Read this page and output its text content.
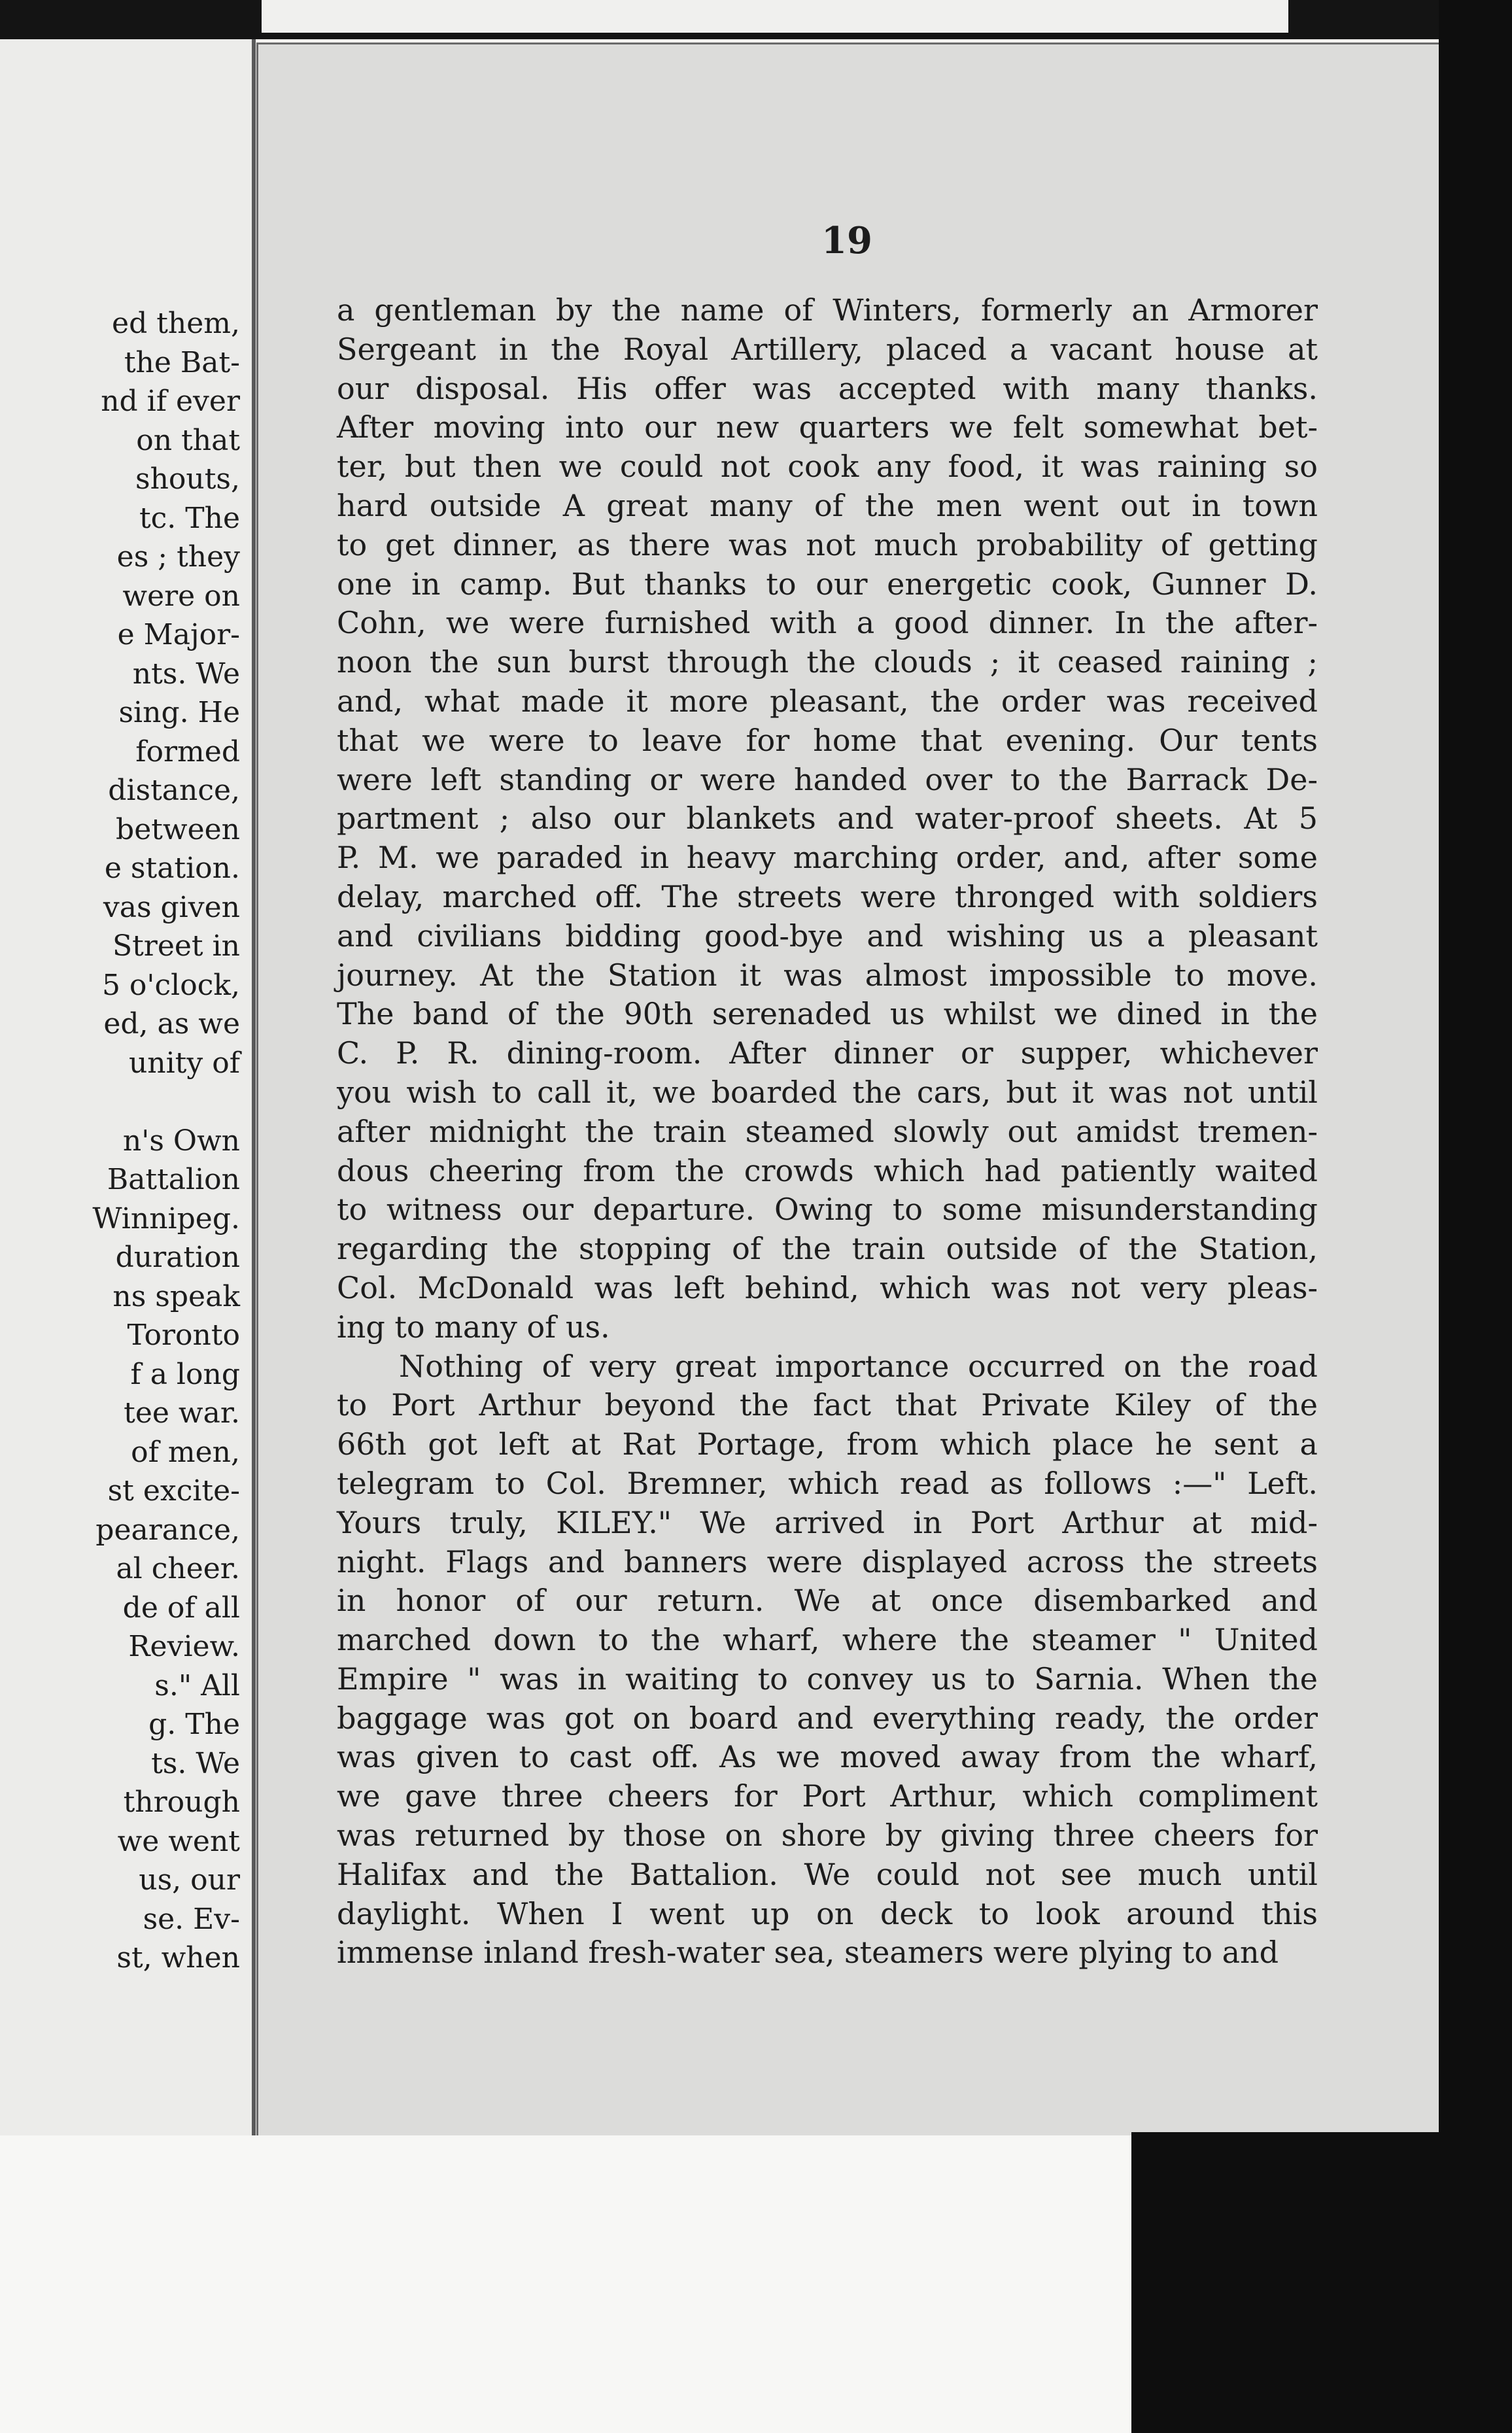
ed them,
the Bat-
nd if ever
on that
shouts,
tc. The
es ; they
were on
e Major-
nts. We
sing. He
formed
distance,
between
e station.
vas given
Street in
5 o'clock,
ed, as we
unity of
n's Own
Battalion
Winnipeg.
duration
ns speak
Toronto
f a long
tee war.
of men,
st excite-
pearance,
al cheer.
de of all
Review.
s." All
g. The
ts. We
through
we went
us, our
se. Ev-
st, when
19
a gentleman by the name of Winters, formerly an Armorer
Sergeant in the Royal Artillery, placed a vacant house at
our disposal. His offer was accepted with many thanks.
After moving into our new quarters we felt somewhat bet-
ter, but then we could not cook any food, it was raining so
hard outside A great many of the men went out in town
to get dinner, as there was not much probability of getting
one in camp. But thanks to our energetic cook, Gunner D.
Cohn, we were furnished with a good dinner. In the after-
noon the sun burst through the clouds ; it ceased raining ;
and, what made it more pleasant, the order was received
that we were to leave for home that evening. Our tents
were left standing or were handed over to the Barrack De-
partment ; also our blankets and water-proof sheets. At 5
P. M. we paraded in heavy marching order, and, after some
delay, marched off. The streets were thronged with soldiers
and civilians bidding good-bye and wishing us a pleasant
journey. At the Station it was almost impossible to move.
The band of the 90th serenaded us whilst we dined in the
C. P. R. dining-room. After dinner or supper, whichever
you wish to call it, we boarded the cars, but it was not until
after midnight the train steamed slowly out amidst tremen-
dous cheering from the crowds which had patiently waited
to witness our departure. Owing to some misunderstanding
regarding the stopping of the train outside of the Station,
Col. McDonald was left behind, which was not very pleas-
ing to many of us.
Nothing of very great importance occurred on the road
to Port Arthur beyond the fact that Private Kiley of the
66th got left at Rat Portage, from which place he sent a
telegram to Col. Bremner, which read as follows :—" Left.
Yours truly, KILEY." We arrived in Port Arthur at mid-
night. Flags and banners were displayed across the streets
in honor of our return. We at once disembarked and
marched down to the wharf, where the steamer " United
Empire " was in waiting to convey us to Sarnia. When the
baggage was got on board and everything ready, the order
was given to cast off. As we moved away from the wharf,
we gave three cheers for Port Arthur, which compliment
was returned by those on shore by giving three cheers for
Halifax and the Battalion. We could not see much until
daylight. When I went up on deck to look around this
immense inland fresh-water sea, steamers were plying to and
